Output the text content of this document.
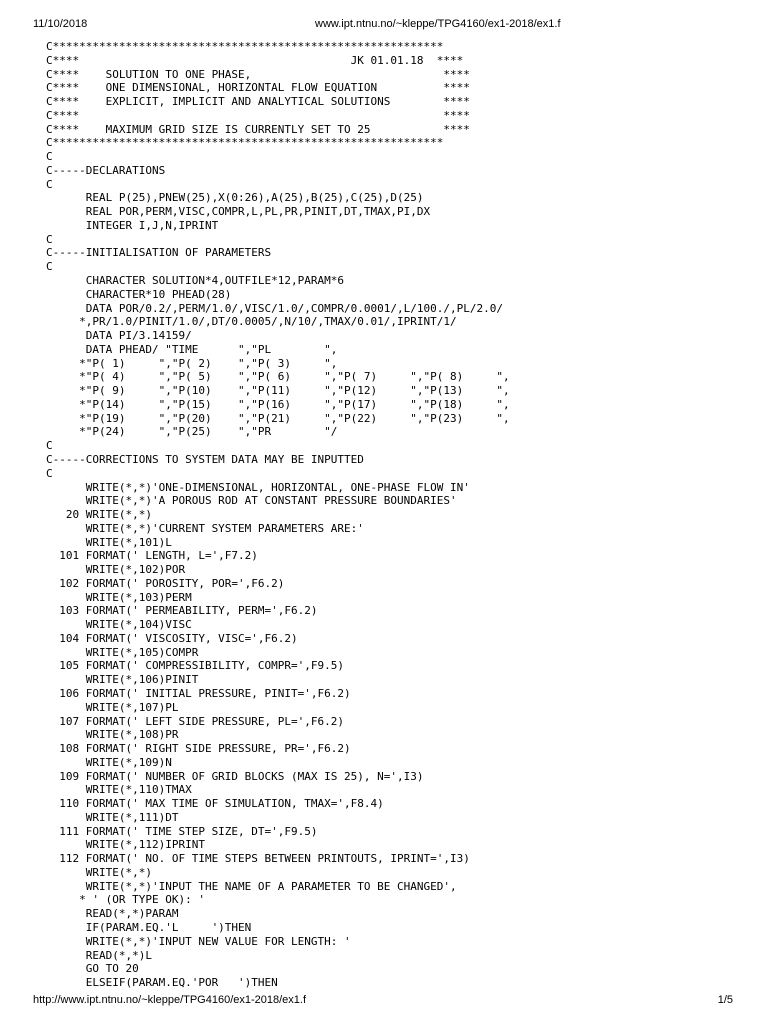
11/10/2018	www.ipt.ntnu.no/~kleppe/TPG4160/ex1-2018/ex1.f
C***********************************************************
C****                                         JK 01.01.18  ****
C****    SOLUTION TO ONE PHASE,                             ****
C****    ONE DIMENSIONAL, HORIZONTAL FLOW EQUATION          ****
C****    EXPLICIT, IMPLICIT AND ANALYTICAL SOLUTIONS        ****
C****                                                       ****
C****    MAXIMUM GRID SIZE IS CURRENTLY SET TO 25           ****
C***********************************************************
C
C-----DECLARATIONS
C
REAL P(25),PNEW(25),X(0:26),A(25),B(25),C(25),D(25)
REAL POR,PERM,VISC,COMPR,L,PL,PR,PINIT,DT,TMAX,PI,DX
INTEGER I,J,N,IPRINT
C
C-----INITIALISATION OF PARAMETERS
C
CHARACTER SOLUTION*4,OUTFILE*12,PARAM*6
CHARACTER*10 PHEAD(28)
DATA POR/0.2/,PERM/1.0/,VISC/1.0/,COMPR/0.0001/,L/100./,PL/2.0/
*,PR/1.0/PINIT/1.0/,DT/0.0005/,N/10/,TMAX/0.01/,IPRINT/1/
DATA PI/3.14159/
DATA PHEAD/ "TIME      ","PL        ",
*"P( 1)     ","P( 2)    ","P( 3)     ",
*"P( 4)     ","P( 5)    ","P( 6)     ","P( 7)     ","P( 8)     ",
*"P( 9)     ","P(10)    ","P(11)     ","P(12)     ","P(13)     ",
*"P(14)     ","P(15)    ","P(16)     ","P(17)     ","P(18)     ",
*"P(19)     ","P(20)    ","P(21)     ","P(22)     ","P(23)     ",
*"P(24)     ","P(25)    ","PR        "/
C
C-----CORRECTIONS TO SYSTEM DATA MAY BE INPUTTED
C
WRITE(*,*)'ONE-DIMENSIONAL, HORIZONTAL, ONE-PHASE FLOW IN'
WRITE(*,*)'A POROUS ROD AT CONSTANT PRESSURE BOUNDARIES'
20 WRITE(*,*)
WRITE(*,*)'CURRENT SYSTEM PARAMETERS ARE:'
WRITE(*,101)L
101 FORMAT(' LENGTH, L=',F7.2)
WRITE(*,102)POR
102 FORMAT(' POROSITY, POR=',F6.2)
WRITE(*,103)PERM
103 FORMAT(' PERMEABILITY, PERM=',F6.2)
WRITE(*,104)VISC
104 FORMAT(' VISCOSITY, VISC=',F6.2)
WRITE(*,105)COMPR
105 FORMAT(' COMPRESSIBILITY, COMPR=',F9.5)
WRITE(*,106)PINIT
106 FORMAT(' INITIAL PRESSURE, PINIT=',F6.2)
WRITE(*,107)PL
107 FORMAT(' LEFT SIDE PRESSURE, PL=',F6.2)
WRITE(*,108)PR
108 FORMAT(' RIGHT SIDE PRESSURE, PR=',F6.2)
WRITE(*,109)N
109 FORMAT(' NUMBER OF GRID BLOCKS (MAX IS 25), N=',I3)
WRITE(*,110)TMAX
110 FORMAT(' MAX TIME OF SIMULATION, TMAX=',F8.4)
WRITE(*,111)DT
111 FORMAT(' TIME STEP SIZE, DT=',F9.5)
WRITE(*,112)IPRINT
112 FORMAT(' NO. OF TIME STEPS BETWEEN PRINTOUTS, IPRINT=',I3)
WRITE(*,*)
WRITE(*,*)'INPUT THE NAME OF A PARAMETER TO BE CHANGED',
* ' (OR TYPE OK): '
READ(*,*)PARAM
IF(PARAM.EQ.'L     ')THEN
WRITE(*,*)'INPUT NEW VALUE FOR LENGTH: '
READ(*,*)L
GO TO 20
ELSEIF(PARAM.EQ.'POR   ')THEN
http://www.ipt.ntnu.no/~kleppe/TPG4160/ex1-2018/ex1.f	1/5
